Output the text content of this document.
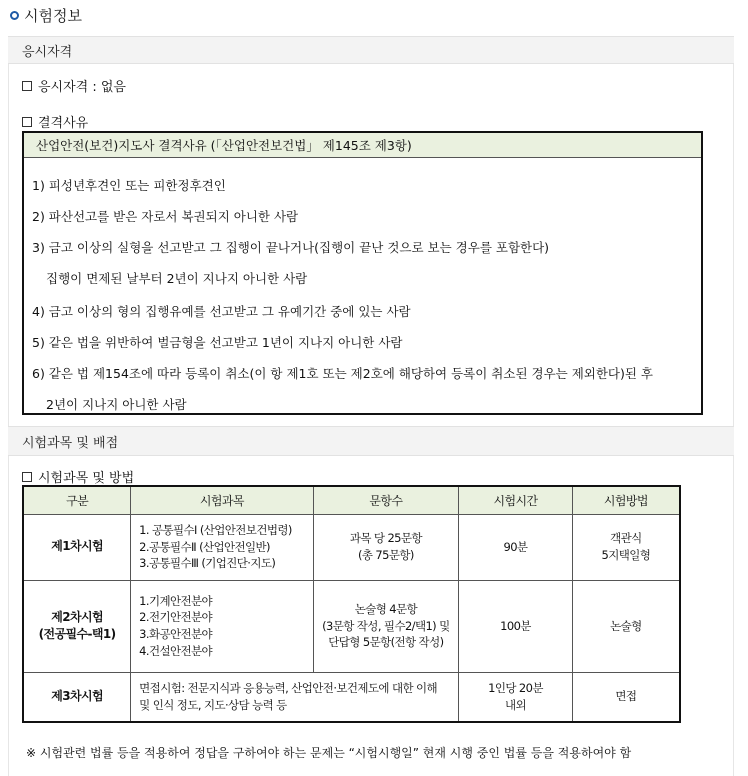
시험정보
응시자격
응시자격 : 없음
결격사유
산업안전(보건)지도사 결격사유 (「산업안전보건법」 제145조 제3항)
1) 피성년후견인 또는 피한정후견인
2) 파산선고를 받은 자로서 복권되지 아니한 사람
3) 금고 이상의 실형을 선고받고 그 집행이 끝나거나(집행이 끝난 것으로 보는 경우를 포함한다)
집행이 면제된 날부터 2년이 지나지 아니한 사람
4) 금고 이상의 형의 집행유예를 선고받고 그 유예기간 중에 있는 사람
5) 같은 법을 위반하여 벌금형을 선고받고 1년이 지나지 아니한 사람
6) 같은 법 제154조에 따라 등록이 취소(이 항 제1호 또는 제2호에 해당하여 등록이 취소된 경우는 제외한다)된 후
2년이 지나지 아니한 사람
시험과목 및 배점
시험과목 및 방법
구분	시험과목	문항수	시험시간	시험방법

제1차시험	1. 공통필수Ⅰ (산업안전보건법령)
2.공통필수Ⅱ (산업안전일반)
3.공통필수Ⅲ (기업진단·지도)	과목 당 25문항
(총 75문항)	90분	객관식
5지택일형

제2차시험
(전공필수-택1)	1.기계안전분야
2.전기안전분야
3.화공안전분야
4.건설안전분야	논술형 4문항
(3문항 작성, 필수2/택1) 및
단답형 5문항(전항 작성)	100분	논술형

제3차시험	면접시험: 전문지식과 응용능력, 산업안전·보건제도에 대한 이해
및 인식 정도, 지도·상담 능력 등		1인당 20분
내외	면접
※ 시험관련 법률 등을 적용하여 정답을 구하여야 하는 문제는 “시험시행일” 현재 시행 중인 법률 등을 적용하여야 함
